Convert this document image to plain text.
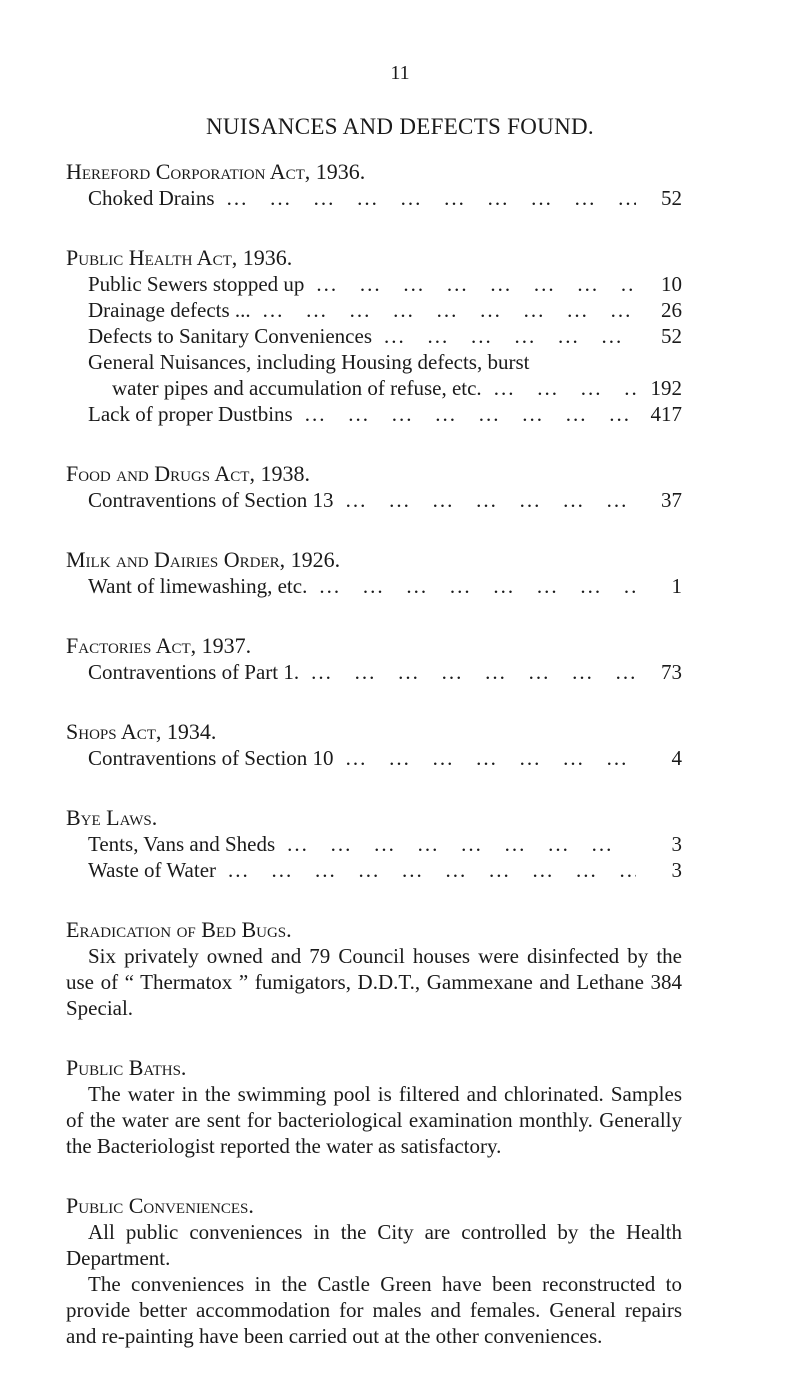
11
NUISANCES AND DEFECTS FOUND.
Hereford Corporation Act, 1936.
Choked Drains ...	52
Public Health Act, 1936.
Public Sewers stopped up ...	10
Drainage defects ... ...	26
Defects to Sanitary Conveniences ...	52
General Nuisances, including Housing defects, burst
water pipes and accumulation of refuse, etc. ...	192
Lack of proper Dustbins ...	417
Food and Drugs Act, 1938.
Contraventions of Section 13 ...	37
Milk and Dairies Order, 1926.
Want of limewashing, etc. ...	1
Factories Act, 1937.
Contraventions of Part 1. ...	73
Shops Act, 1934.
Contraventions of Section 10 ...	4
Bye Laws.
Tents, Vans and Sheds ...	3
Waste of Water ...	3
Eradication of Bed Bugs.
Six privately owned and 79 Council houses were disinfected by the use of “ Thermatox ” fumigators, D.D.T., Gammexane and Lethane 384 Special.
Public Baths.
The water in the swimming pool is filtered and chlorinated. Samples of the water are sent for bacteriological examination monthly. Generally the Bacteriologist reported the water as satisfactory.
Public Conveniences.
All public conveniences in the City are controlled by the Health Department.
The conveniences in the Castle Green have been reconstructed to provide better accommodation for males and females. General repairs and re-painting have been carried out at the other conveniences.
